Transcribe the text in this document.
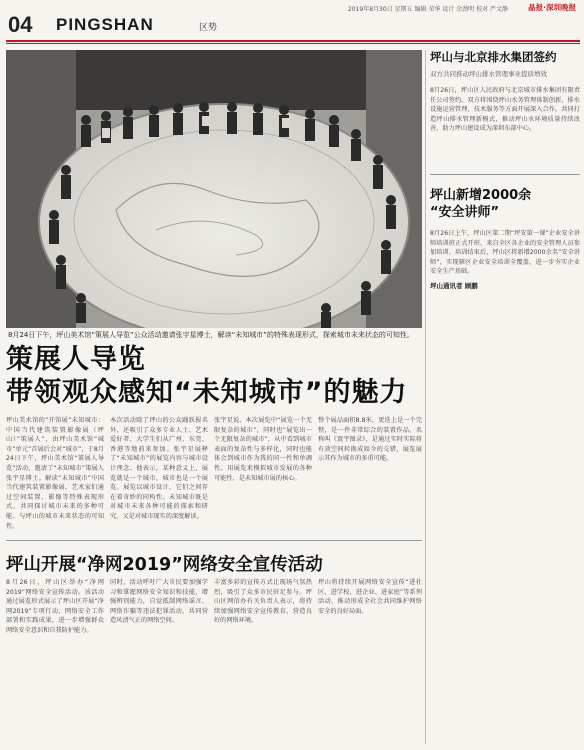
04 PINGSHAN	区势
2019年8月30日 星期五 编辑 荣华 设计 余劲明 校对 严文静	晶报·深圳晚报
8月24日下午，坪山美术馆“策展人导览”公众活动邀请张宇星博士，解读“未知城市”的特殊表现形式，探索城市未来状态的可知性。
策展人导览
带领观众感知“未知城市”的魅力
坪山美术馆的“开馆展”未知城市：中国当代建筑装置影像展（坪山）”策展人”，由坪山美术馆“城市”单元”首展后会对“城市”，于8月24日下午，坪山美术馆“策展人导览”活动，邀请了“未知城市”策展人张宇星博士。解读“未知城市”中国当代建筑装置影像展，艺术家们通过空间装置、影像等特殊表现形式，共同探讨城市未来的多种可能。与坪山的城市未来状态的可知性。
本次活动除了坪山的公众踊跃报名外，还吸引了众多专业人士、艺术爱好者、大学生们从广州、东莞、香港等地前来参加。张宇星展释了“未知城市”的展览内容与城市设计理念。他表示，某种意义上，展览就是一个城市，城市也是一个展览。展览以城市设计，它们之间存在着奇妙的同构性。未知城市既是对城市未来各种可能的探索和研究，又是对城市现实的深度解读。
张宇星说，本次展览中“展览一个无限复杂的城市”，同时也“展览出一个无限复杂的城市”，从中看到城市表面的复杂性与多样化，同时也能体会到城市作为我的同一性和单调性。用展览来模拟城市发展的各种可能性，是未知城市展的核心。
整个展品面积8.8米，更迭上是一个完整，是一件非常综合的装置作品，名称叫《寰宇图录》，是通过实时实际将有效空间转换成如今的交错，展览展示其作为城市的多重可能。
坪山开展“净网2019”网络安全宣传活动
8月26日，坪山区举办“净网2019”网络安全宣传活动。该活动通过展览形式展示了坪山区开展“净网2019”专项行动、网络安全工作部署和实践成果，进一步增强群众网络安全意识和自我防护能力。
同时，活动呼吁广大市民要加强学习和掌握网络安全知识和技能，增强辨别能力，自觉抵制网络谣言、网络诈骗等违法犯罪活动，共同营造风清气正的网络空间。
丰富多彩的宣传方式让现场气氛热烈，吸引了众多市民驻足参与。坪山区网信办有关负责人表示，将持续加强网络安全宣传教育，营造良好的网络环境。
坪山将持续开展网络安全宣传“进社区、进学校、进企业、进家庭”等系列活动，推动形成全社会共同维护网络安全的良好局面。
坪山与北京排水集团签约
双方共同推动坪山排水管理事业提质增效
8月26日，坪山区人民政府与北京城市排水集团有限责任公司签约，双方将围绕坪山水务管理体制创新、排水设施运营管理、技术服务等方面开展深入合作，共同打造坪山排水管理新模式，推动坪山水环境质量持续改善，助力坪山建设成为深圳东部中心。
坪山新增2000余
“安全讲师”
8月26日上午，坪山区第二期“坪安第一课”企业安全讲师培训班正式开班，来自全区各企业的安全管理人员参加培训。培训结束后，坪山区将新增2000余名“安全讲师”，实现辖区企业安全培训全覆盖，进一步夯实企业安全生产基础。
坪山通讯者 顾鹏
